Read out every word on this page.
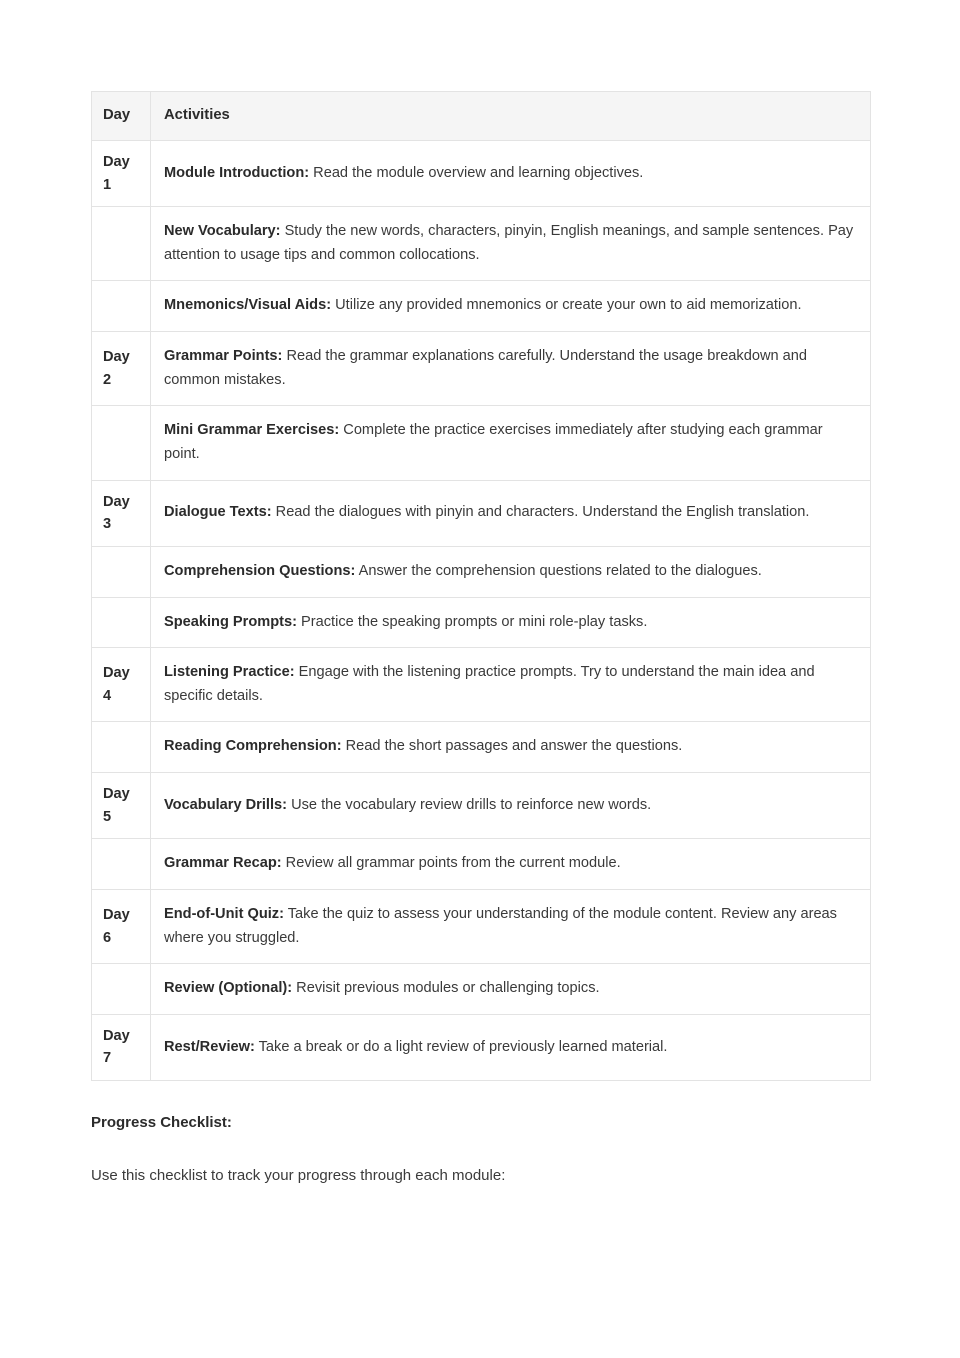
Day	Activities
Day 1	Module Introduction: Read the module overview and learning objectives.
	New Vocabulary: Study the new words, characters, pinyin, English meanings, and sample sentences. Pay attention to usage tips and common collocations.
	Mnemonics/Visual Aids: Utilize any provided mnemonics or create your own to aid memorization.
Day 2	Grammar Points: Read the grammar explanations carefully. Understand the usage breakdown and common mistakes.
	Mini Grammar Exercises: Complete the practice exercises immediately after studying each grammar point.
Day 3	Dialogue Texts: Read the dialogues with pinyin and characters. Understand the English translation.
	Comprehension Questions: Answer the comprehension questions related to the dialogues.
	Speaking Prompts: Practice the speaking prompts or mini role-play tasks.
Day 4	Listening Practice: Engage with the listening practice prompts. Try to understand the main idea and specific details.
	Reading Comprehension: Read the short passages and answer the questions.
Day 5	Vocabulary Drills: Use the vocabulary review drills to reinforce new words.
	Grammar Recap: Review all grammar points from the current module.
Day 6	End-of-Unit Quiz: Take the quiz to assess your understanding of the module content. Review any areas where you struggled.
	Review (Optional): Revisit previous modules or challenging topics.
Day 7	Rest/Review: Take a break or do a light review of previously learned material.

Progress Checklist:

Use this checklist to track your progress through each module:
